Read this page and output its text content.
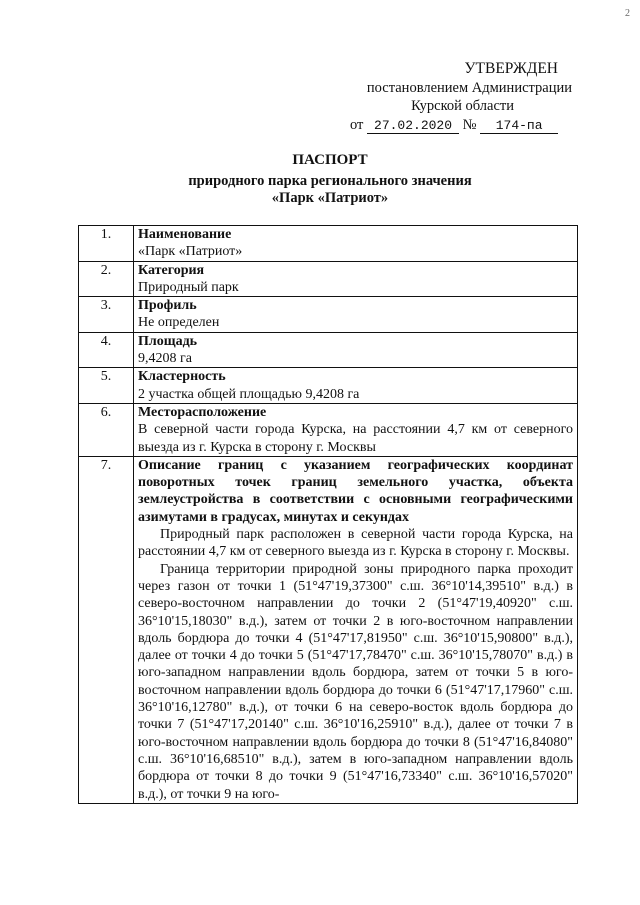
2
УТВЕРЖДЕН
постановлением Администрации
Курской области
от 27.02.2020 № 174-па
ПАСПОРТ
природного парка регионального значения
«Парк «Патриот»
1.	Наименование
«Парк «Патриот»

2.	Категория
Природный парк

3.	Профиль
Не определен

4.	Площадь
9,4208 га

5.	Кластерность
2 участка общей площадью 9,4208 га

6.	Месторасположение
В северной части города Курска, на расстоянии 4,7 км от северного выезда из г. Курска в сторону г. Москвы

7.	Описание границ с указанием географических координат поворотных точек границ земельного участка, объекта землеустройства в соответствии с основными географическими азимутами в градусах, минутах и секундах
Природный парк расположен в северной части города Курска, на расстоянии 4,7 км от северного выезда из г. Курска в сторону г. Москвы.
Граница территории природной зоны природного парка проходит через газон от точки 1 (51°47'19,37300" с.ш. 36°10'14,39510" в.д.) в северо-восточном направлении до точки 2 (51°47'19,40920" с.ш. 36°10'15,18030" в.д.), затем от точки 2 в юго-восточном направлении вдоль бордюра до точки 4 (51°47'17,81950" с.ш. 36°10'15,90800" в.д.), далее от точки 4 до точки 5 (51°47'17,78470" с.ш. 36°10'15,78070" в.д.) в юго-западном направлении вдоль бордюра, затем от точки 5 в юго-восточном направлении вдоль бордюра до точки 6 (51°47'17,17960" с.ш. 36°10'16,12780" в.д.), от точки 6 на северо-восток вдоль бордюра до точки 7 (51°47'17,20140" с.ш. 36°10'16,25910" в.д.), далее от точки 7 в юго-восточном направлении вдоль бордюра до точки 8 (51°47'16,84080" с.ш. 36°10'16,68510" в.д.), затем в юго-западном направлении вдоль бордюра от точки 8 до точки 9 (51°47'16,73340" с.ш. 36°10'16,57020" в.д.), от точки 9 на юго-
